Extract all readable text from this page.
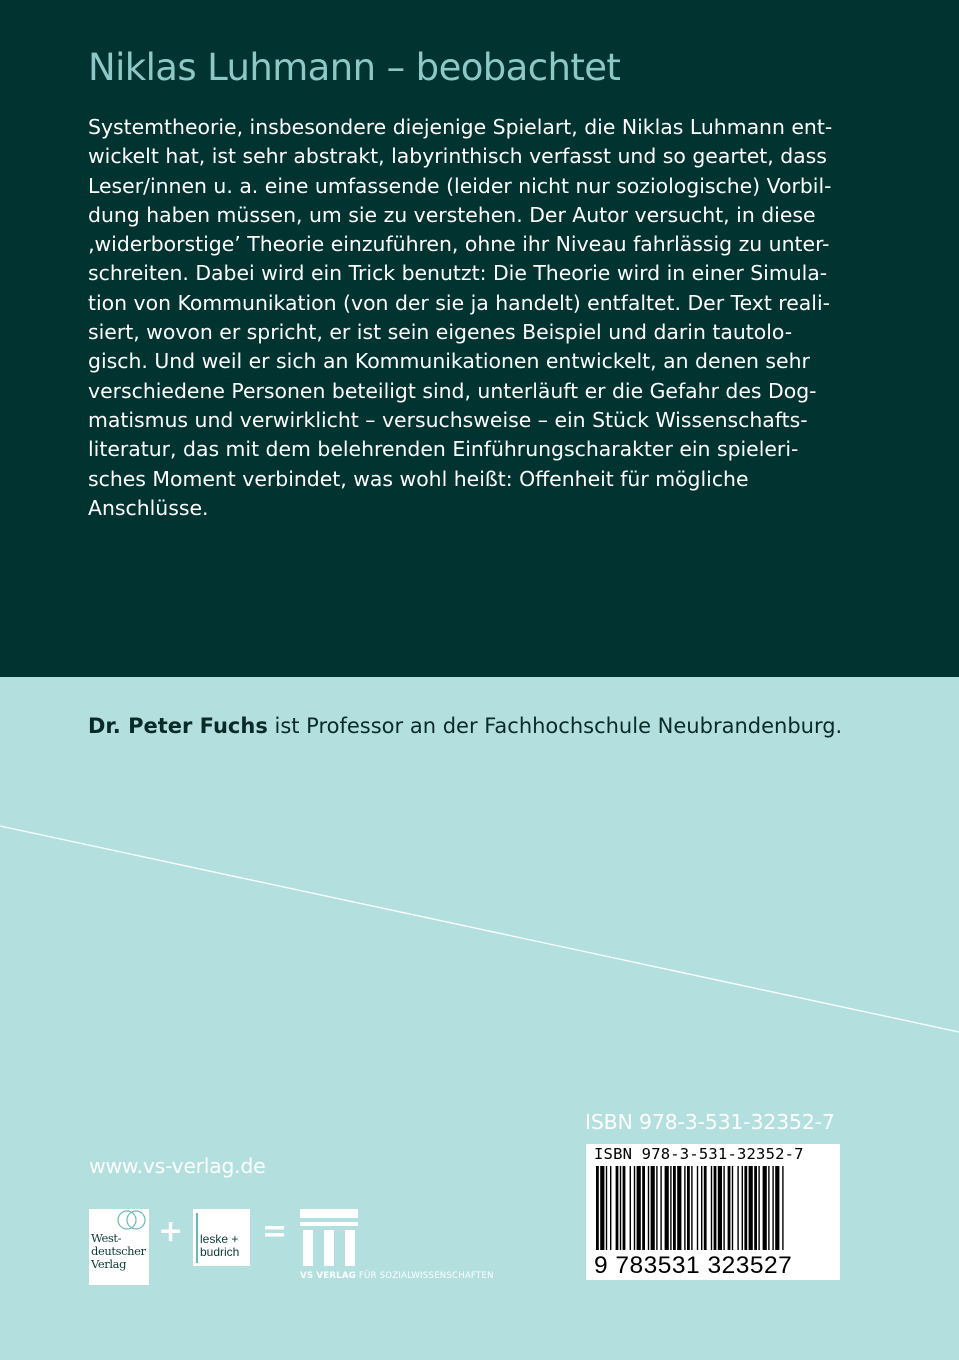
Niklas Luhmann – beobachtet
Systemtheorie, insbesondere diejenige Spielart, die Niklas Luhmann ent-
wickelt hat, ist sehr abstrakt, labyrinthisch verfasst und so geartet, dass
Leser/innen u. a. eine umfassende (leider nicht nur soziologische) Vorbil-
dung haben müssen, um sie zu verstehen. Der Autor versucht, in diese
‚widerborstige’ Theorie einzuführen, ohne ihr Niveau fahrlässig zu unter-
schreiten. Dabei wird ein Trick benutzt: Die Theorie wird in einer Simula-
tion von Kommunikation (von der sie ja handelt) entfaltet. Der Text reali-
siert, wovon er spricht, er ist sein eigenes Beispiel und darin tautolo-
gisch. Und weil er sich an Kommunikationen entwickelt, an denen sehr
verschiedene Personen beteiligt sind, unterläuft er die Gefahr des Dog-
matismus und verwirklicht – versuchsweise – ein Stück Wissenschafts-
literatur, das mit dem belehrenden Einführungscharakter ein spieleri-
sches Moment verbindet, was wohl heißt: Offenheit für mögliche
Anschlüsse.
Dr. Peter Fuchs ist Professor an der Fachhochschule Neubrandenburg.
ISBN 978-3-531-32352-7
ISBN 978-3-531-32352-7
9 783531 323527
www.vs-verlag.de
West-
deutscher
Verlag
+ leske +
budrich
=
VS VERLAG FÜR SOZIALWISSENSCHAFTEN
